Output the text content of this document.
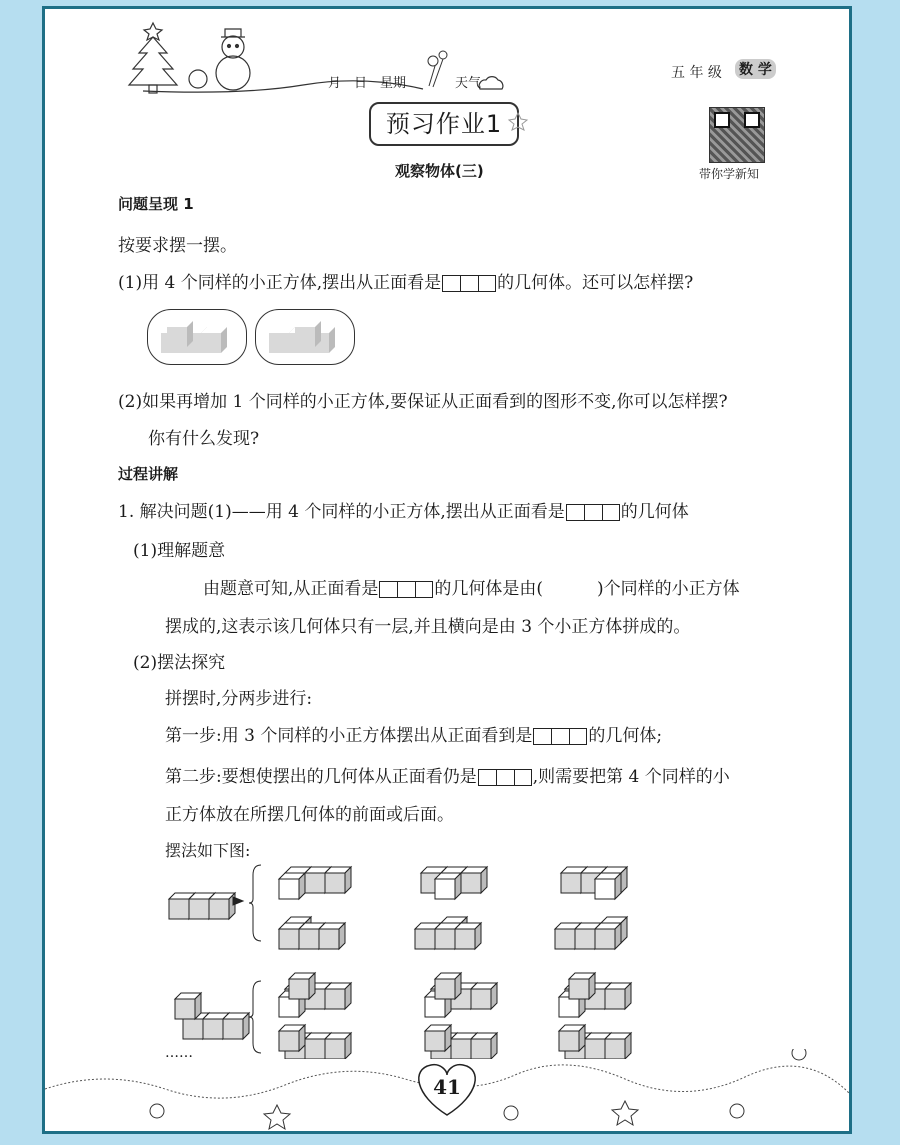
月　日　星期	天气
五 年 级 数 学
预习作业1
观察物体(三)	带你学新知
问题呈现 1
按要求摆一摆。
(1)用 4 个同样的小正方体,摆出从正面看是	的几何体。还可以怎样摆?
(2)如果再增加 1 个同样的小正方体,要保证从正面看到的图形不变,你可以怎样摆?
你有什么发现?
过程讲解
1. 解决问题(1)——用 4 个同样的小正方体,摆出从正面看是	的几何体
(1)理解题意
由题意可知,从正面看是	的几何体是由(	)个同样的小正方体
摆成的,这表示该几何体只有一层,并且横向是由 3 个小正方体拼成的。
(2)摆法探究
拼摆时,分两步进行:
第一步:用 3 个同样的小正方体摆出从正面看到是	的几何体;
第二步:要想使摆出的几何体从正面看仍是	,则需要把第 4 个同样的小
正方体放在所摆几何体的前面或后面。
摆法如下图:
……
41
